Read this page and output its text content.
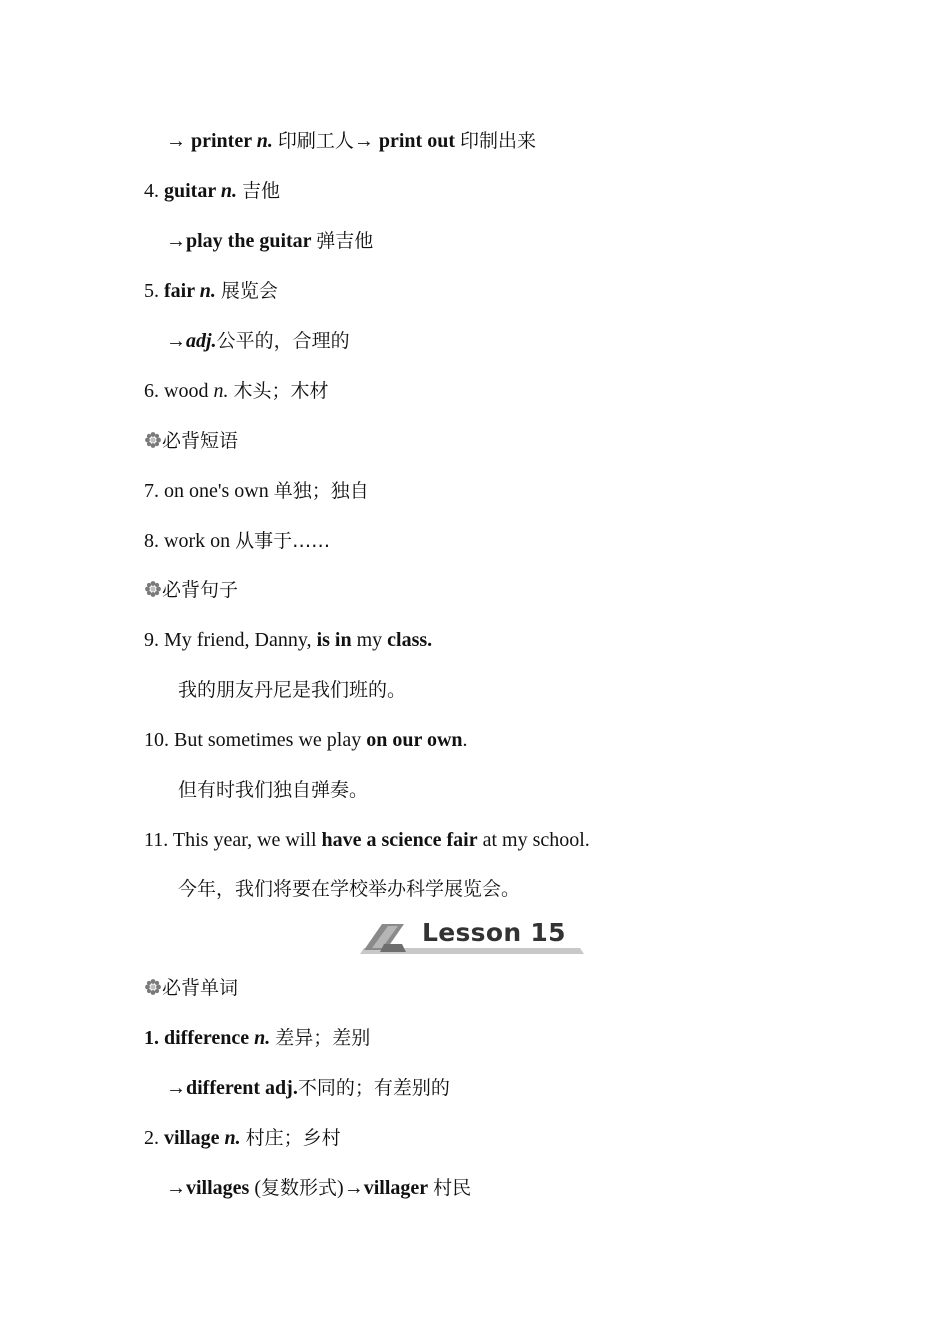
→ printer n. 印刷工人→ print out 印制出来
4. guitar n. 吉他
→play the guitar 弹吉他
5. fair n. 展览会
→adj.公平的，合理的
6. wood n. 木头；木材
必背短语
7. on one's own 单独；独自
8. work on 从事于……
必背句子
9. My friend, Danny, is in my class.
我的朋友丹尼是我们班的。
10. But sometimes we play on our own.
但有时我们独自弹奏。
11. This year, we will have a science fair at my school.
今年，我们将要在学校举办科学展览会。
Lesson 15
必背单词
1. difference n. 差异；差别
→different adj.不同的；有差别的
2. village n. 村庄；乡村
→villages (复数形式)→villager 村民
